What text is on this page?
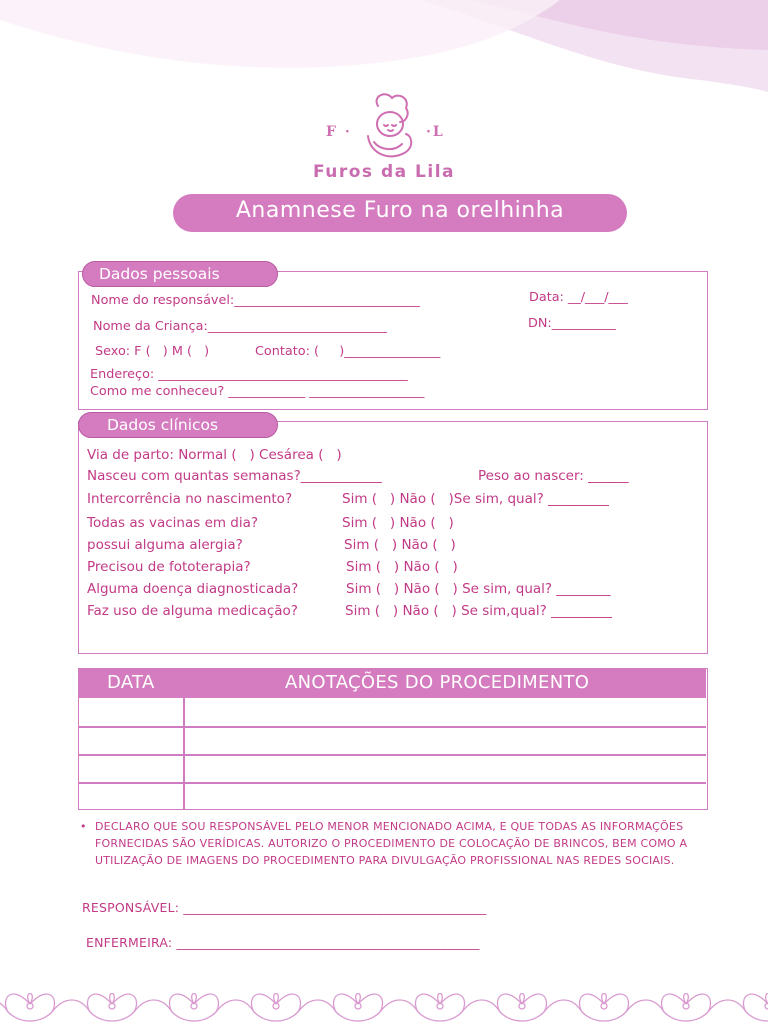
F ·	·L
Furos da Lila
Anamnese Furo na orelhinha
Dados pessoais
Nome do responsável:_____________________________	Data: __/___/___
Nome da Criança:____________________________	DN:__________
Sexo: F (   ) M (   )	Contato: (     )_______________
Endereço: _______________________________________
Como me conheceu? ____________ __________________
Dados clínicos
Via de parto: Normal (   ) Cesárea (   )
Nasceu com quantas semanas?____________	Peso ao nascer: ______
Intercorrência no nascimento?	Sim (   ) Não (   )Se sim, qual? _________
Todas as vacinas em dia?	Sim (   ) Não (   )
possui alguma alergia?	Sim (   ) Não (   )
Precisou de fototerapia?	Sim (   ) Não (   )
Alguma doença diagnosticada?	Sim (   ) Não (   ) Se sim, qual? ________
Faz uso de alguma medicação?	Sim (   ) Não (   ) Se sim,qual? _________
DATA	ANOTAÇÕES DO PROCEDIMENTO
• DECLARO QUE SOU RESPONSÁVEL PELO MENOR MENCIONADO ACIMA, E QUE TODAS AS INFORMAÇÕES FORNECIDAS SÃO VERÍDICAS. AUTORIZO O PROCEDIMENTO DE COLOCAÇÃO DE BRINCOS, BEM COMO A UTILIZAÇÃO DE IMAGENS DO PROCEDIMENTO PARA DIVULGAÇÃO PROFISSIONAL NAS REDES SOCIAIS.
RESPONSÁVEL: _______________________________________________
ENFERMEIRA: _______________________________________________
